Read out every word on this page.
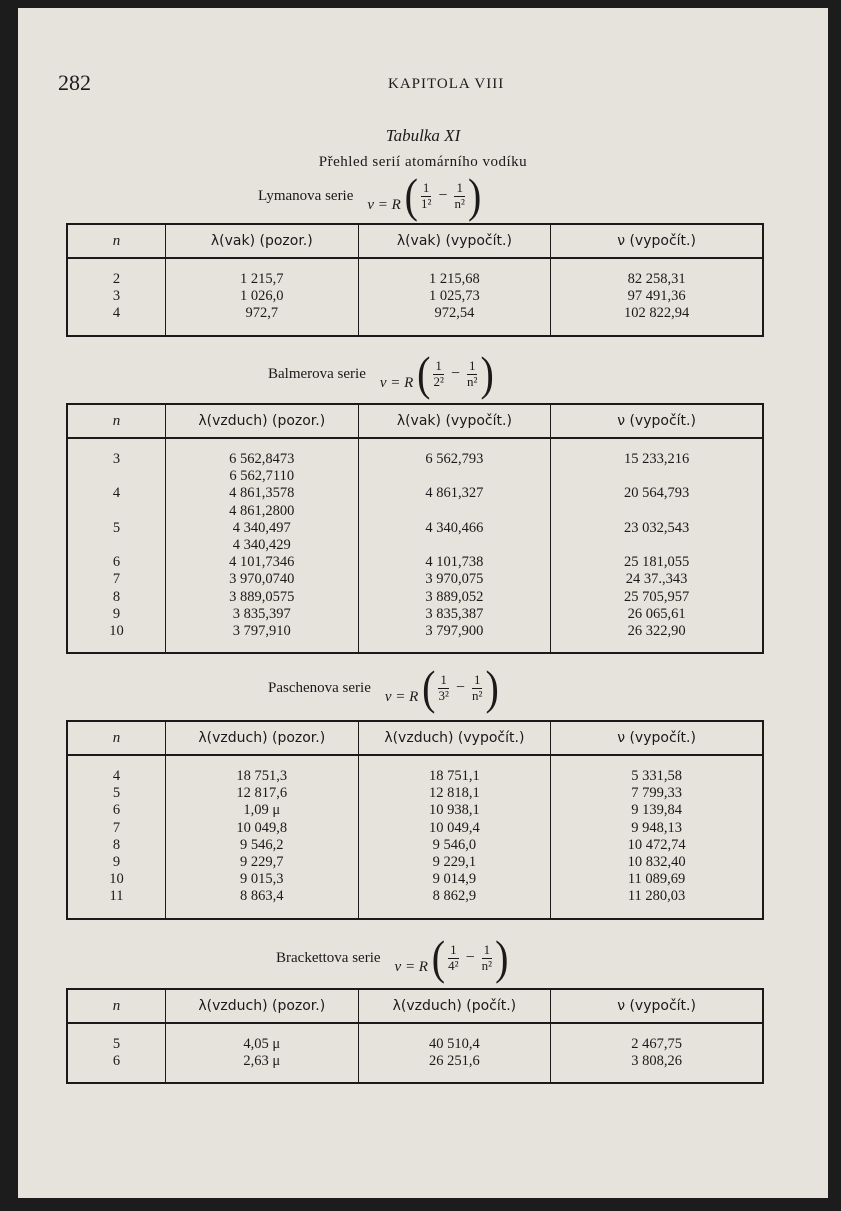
282	KAPITOLA VIII
Tabulka XI
Přehled serií atomárního vodíku
Lymanova serie
ν = R ( 1
$1^2 - \frac{1}{\text{n²}}$ )
n	λ(vak) (pozor.)	λ(vak) (vypočít.)	ν (vypočít.)

2	1 215,7	1 215,68	82 258,31
3	1 026,0	1 025,73	97 491,36
4	972,7	972,54	102 822,94

Balmerova serie
ν = R ( 1
$2^2 - \frac{1}{\text{n²}}$ )
n	λ(vzduch) (pozor.)	λ(vak) (vypočít.)	ν (vypočít.)

3	6 562,8473	6 562,793	15 233,216
	6 562,7110		
4	4 861,3578	4 861,327	20 564,793
	4 861,2800		
5	4 340,497	4 340,466	23 032,543
	4 340,429		
6	4 101,7346	4 101,738	25 181,055
7	3 970,0740	3 970,075	24 37.,343
8	3 889,0575	3 889,052	25 705,957
9	3 835,397	3 835,387	26 065,61
10	3 797,910	3 797,900	26 322,90

Paschenova serie
ν = R ( 1
$3^2 - \frac{1}{\text{n²}}$ )
n	λ(vzduch) (pozor.)	λ(vzduch) (vypočít.)	ν (vypočít.)

4	18 751,3	18 751,1	5 331,58
5	12 817,6	12 818,1	7 799,33
6	1,09 μ	10 938,1	9 139,84
7	10 049,8	10 049,4	9 948,13
8	9 546,2	9 546,0	10 472,74
9	9 229,7	9 229,1	10 832,40
10	9 015,3	9 014,9	11 089,69
11	8 863,4	8 862,9	11 280,03

Brackettova serie
ν = R ( 1
$4^2 - \frac{1}{\text{n²}}$ )
n	λ(vzduch) (pozor.)	λ(vzduch) (počít.)	ν (vypočít.)

5	4,05 μ	40 510,4	2 467,75
6	2,63 μ	26 251,6	3 808,26
